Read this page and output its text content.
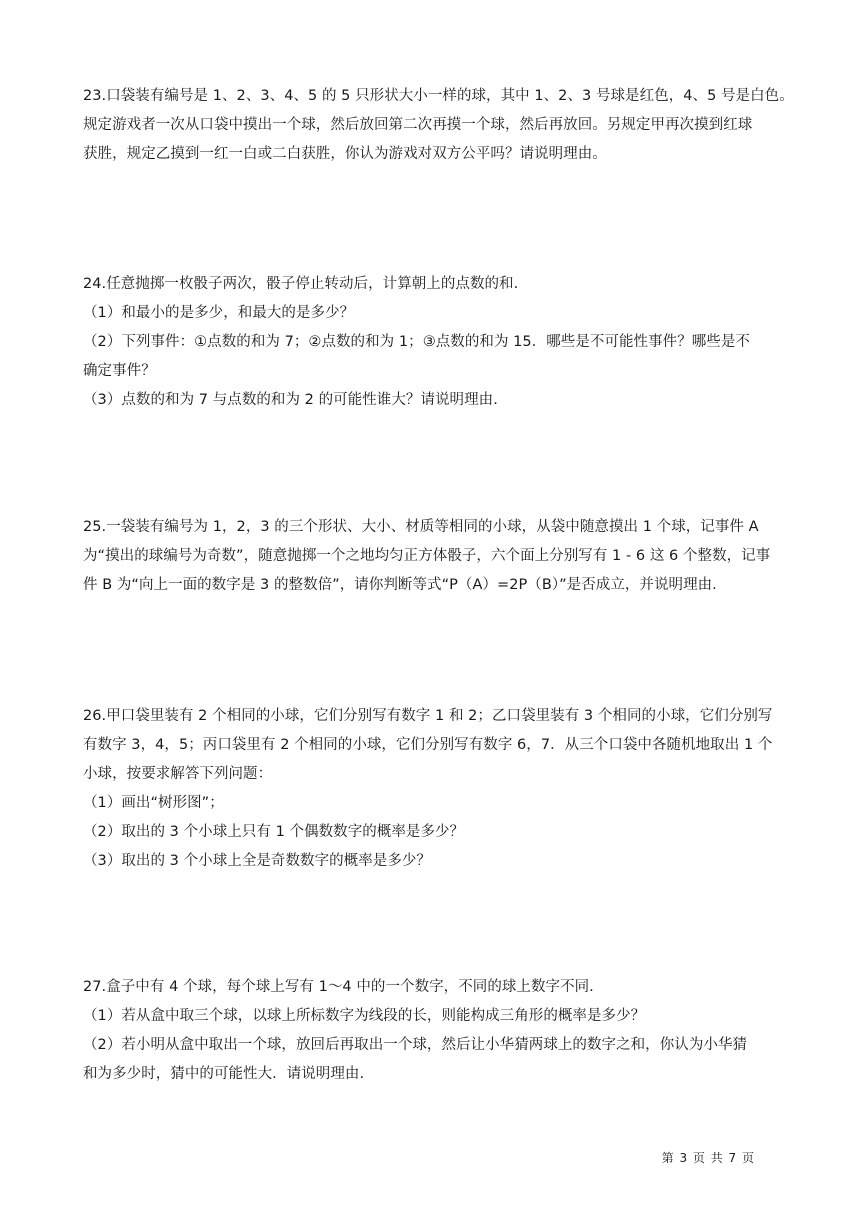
23.口袋装有编号是 1、2、3、4、5 的 5 只形状大小一样的球，其中 1、2、3 号球是红色，4、5 号是白色。
规定游戏者一次从口袋中摸出一个球，然后放回第二次再摸一个球，然后再放回。另规定甲再次摸到红球
获胜，规定乙摸到一红一白或二白获胜，你认为游戏对双方公平吗？请说明理由。
24.任意抛掷一枚骰子两次，骰子停止转动后，计算朝上的点数的和.
（1）和最小的是多少，和最大的是多少？
（2）下列事件：①点数的和为 7；②点数的和为 1；③点数的和为 15．哪些是不可能性事件？哪些是不
确定事件？
（3）点数的和为 7 与点数的和为 2 的可能性谁大？请说明理由.
25.一袋装有编号为 1，2，3 的三个形状、大小、材质等相同的小球，从袋中随意摸出 1 个球，记事件 A
为“摸出的球编号为奇数”，随意抛掷一个之地均匀正方体骰子，六个面上分别写有 1 - 6 这 6 个整数，记事
件 B 为“向上一面的数字是 3 的整数倍”，请你判断等式“P（A）=2P（B）”是否成立，并说明理由.
26.甲口袋里装有 2 个相同的小球，它们分别写有数字 1 和 2；乙口袋里装有 3 个相同的小球，它们分别写
有数字 3，4，5；丙口袋里有 2 个相同的小球，它们分别写有数字 6，7．从三个口袋中各随机地取出 1 个
小球，按要求解答下列问题：
（1）画出“树形图”；
（2）取出的 3 个小球上只有 1 个偶数数字的概率是多少？
（3）取出的 3 个小球上全是奇数数字的概率是多少？
27.盒子中有 4 个球，每个球上写有 1～4 中的一个数字，不同的球上数字不同.
（1）若从盒中取三个球，以球上所标数字为线段的长，则能构成三角形的概率是多少？
（2）若小明从盒中取出一个球，放回后再取出一个球，然后让小华猜两球上的数字之和，你认为小华猜
和为多少时，猜中的可能性大．请说明理由.
第 3 页 共 7 页
